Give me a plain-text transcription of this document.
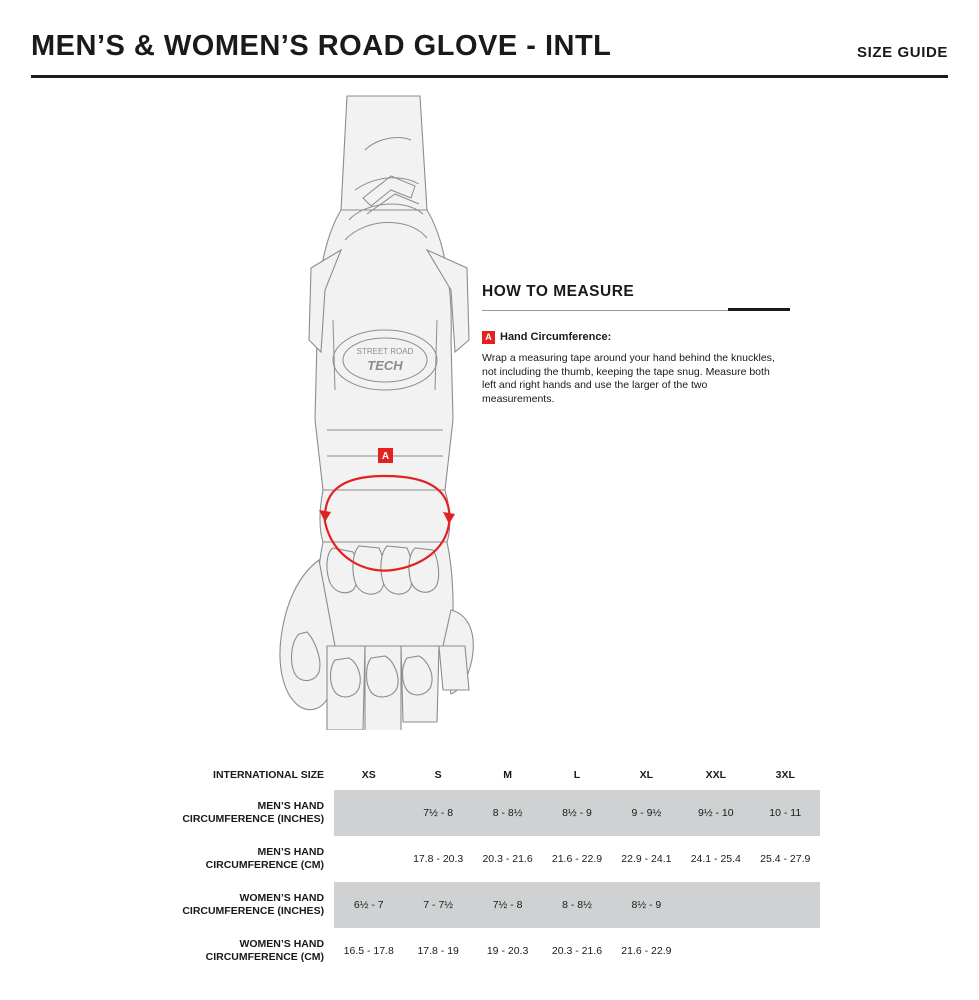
MEN’S & WOMEN’S ROAD GLOVE - INTL	SIZE GUIDE
STREET ROAD
TECH
A
HOW TO MEASURE
A Hand Circumference:
Wrap a measuring tape around your hand behind the knuckles, not including the thumb, keeping the tape snug. Measure both left and right hands and use the larger of the two measurements.
INTERNATIONAL SIZE	XS	S	M	L	XL	XXL	3XL
MEN’S HAND
CIRCUMFERENCE (INCHES)		7½ - 8	8 - 8½	8½ - 9	9 - 9½	9½ - 10	10 - 11
MEN’S HAND
CIRCUMFERENCE (CM)		17.8 - 20.3	20.3 - 21.6	21.6 - 22.9	22.9 - 24.1	24.1 - 25.4	25.4 - 27.9
WOMEN’S HAND
CIRCUMFERENCE (INCHES)	6½ - 7	7 - 7½	7½ - 8	8 - 8½	8½ - 9		
WOMEN’S HAND
CIRCUMFERENCE (CM)	16.5 - 17.8	17.8 - 19	19 - 20.3	20.3 - 21.6	21.6 - 22.9		
